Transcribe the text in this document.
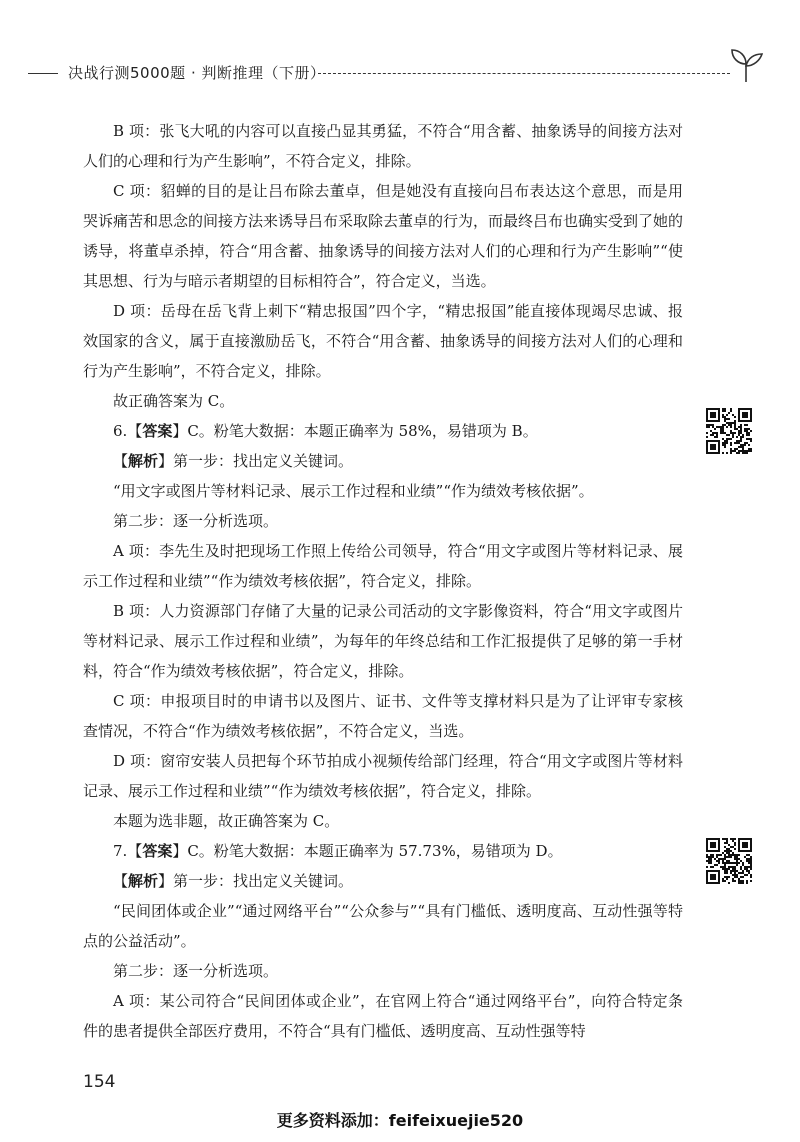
决战行测5000题 · 判断推理（下册）

B 项：张飞大吼的内容可以直接凸显其勇猛，不符合“用含蓄、抽象诱导的间接方法对人们的心理和行为产生影响”，不符合定义，排除。

C 项：貂蝉的目的是让吕布除去董卓，但是她没有直接向吕布表达这个意思，而是用哭诉痛苦和思念的间接方法来诱导吕布采取除去董卓的行为，而最终吕布也确实受到了她的诱导，将董卓杀掉，符合“用含蓄、抽象诱导的间接方法对人们的心理和行为产生影响”“使其思想、行为与暗示者期望的目标相符合”，符合定义，当选。

D 项：岳母在岳飞背上刺下“精忠报国”四个字，“精忠报国”能直接体现竭尽忠诚、报效国家的含义，属于直接激励岳飞，不符合“用含蓄、抽象诱导的间接方法对人们的心理和行为产生影响”，不符合定义，排除。

故正确答案为 C。

6.【答案】C。粉笔大数据：本题正确率为 58%，易错项为 B。

【解析】第一步：找出定义关键词。

“用文字或图片等材料记录、展示工作过程和业绩”“作为绩效考核依据”。

第二步：逐一分析选项。

A 项：李先生及时把现场工作照上传给公司领导，符合“用文字或图片等材料记录、展示工作过程和业绩”“作为绩效考核依据”，符合定义，排除。

B 项：人力资源部门存储了大量的记录公司活动的文字影像资料，符合“用文字或图片等材料记录、展示工作过程和业绩”，为每年的年终总结和工作汇报提供了足够的第一手材料，符合“作为绩效考核依据”，符合定义，排除。

C 项：申报项目时的申请书以及图片、证书、文件等支撑材料只是为了让评审专家核查情况，不符合“作为绩效考核依据”，不符合定义，当选。

D 项：窗帘安装人员把每个环节拍成小视频传给部门经理，符合“用文字或图片等材料记录、展示工作过程和业绩”“作为绩效考核依据”，符合定义，排除。

本题为选非题，故正确答案为 C。

7.【答案】C。粉笔大数据：本题正确率为 57.73%，易错项为 D。

【解析】第一步：找出定义关键词。

“民间团体或企业”“通过网络平台”“公众参与”“具有门槛低、透明度高、互动性强等特点的公益活动”。

第二步：逐一分析选项。

A 项：某公司符合“民间团体或企业”，在官网上符合“通过网络平台”，向符合特定条件的患者提供全部医疗费用，不符合“具有门槛低、透明度高、互动性强等特

154
更多资料添加：feifeixuejie520
